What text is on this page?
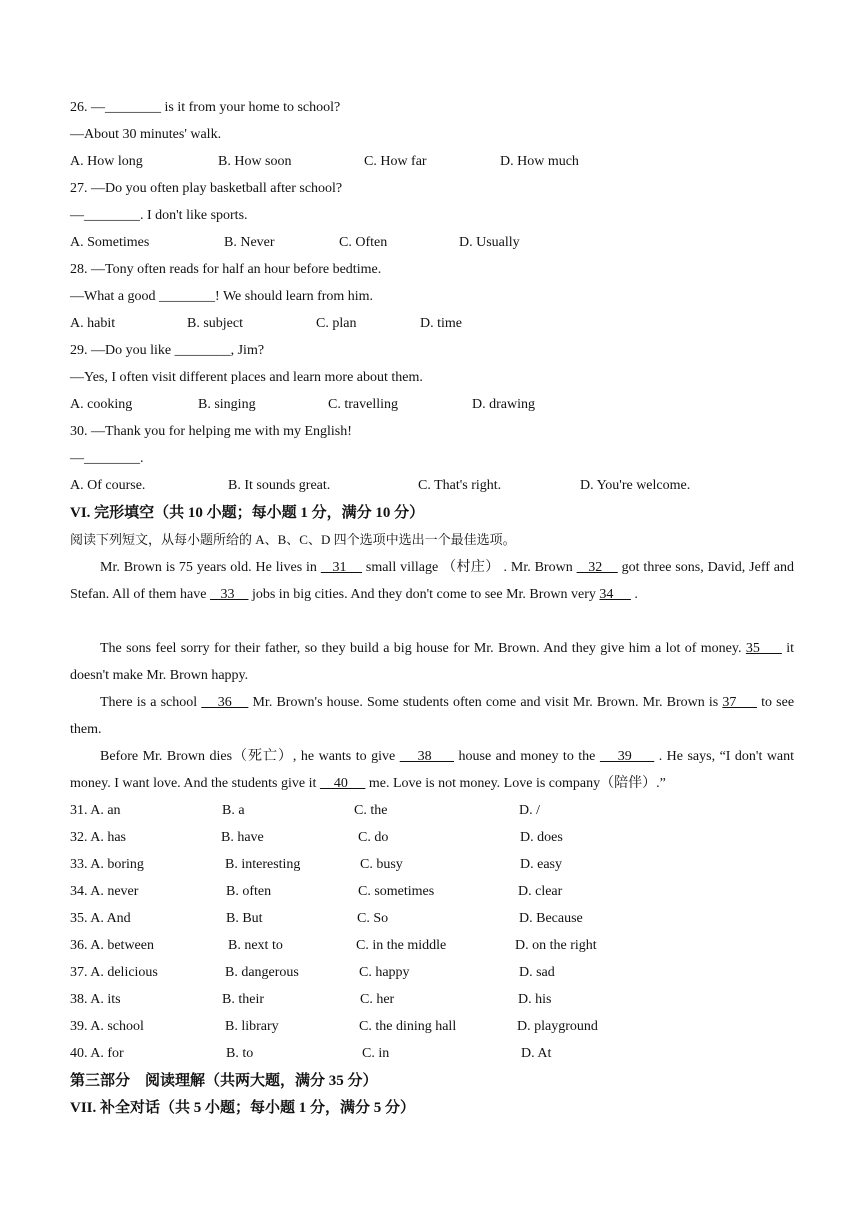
26. —________ is it from your home to school?
—About 30 minutes' walk.
A. How long	B. How soon	C. How far	D. How much
27. —Do you often play basketball after school?
—________. I don't like sports.
A. Sometimes	B. Never	C. Often	D. Usually
28. —Tony often reads for half an hour before bedtime.
—What a good ________! We should learn from him.
A. habit	B. subject	C. plan	D. time
29. —Do you like ________, Jim?
—Yes, I often visit different places and learn more about them.
A. cooking	B. singing	C. travelling	D. drawing
30. —Thank you for helping me with my English!
—________.
A. Of course.	B. It sounds great.	C. That's right.	D. You're welcome.
VI. 完形填空（共 10 小题；每小题 1 分，满分 10 分）
阅读下列短文，从每小题所给的 A、B、C、D 四个选项中选出一个最佳选项。
Mr. Brown is 75 years old. He lives in    31     small village （村庄） . Mr. Brown    32     got three sons, David, Jeff and Stefan. All of them have    33     jobs in big cities. And they don't come to see Mr. Brown very 34      .
The sons feel sorry for their father, so they build a big house for Mr. Brown. And they give him a lot of money. 35      it doesn't make Mr. Brown happy.
There is a school     36     Mr. Brown's house. Some students often come and visit Mr. Brown. Mr. Brown is 37      to see them.
Before Mr. Brown dies（死亡）, he wants to give     38      house and money to the     39      . He says, “I don't want money. I want love. And the students give it     40      me. Love is not money. Love is company（陪伴）.”
31. A. an	B. a	C. the	D. /
32. A. has	B. have	C. do	D. does
33. A. boring	B. interesting	C. busy	D. easy
34. A. never	B. often	C. sometimes	D. clear
35. A. And	B. But	C. So	D. Because
36. A. between	B. next to	C. in the middle	D. on the right
37. A. delicious	B. dangerous	C. happy	D. sad
38. A. its	B. their	C. her	D. his
39. A. school	B. library	C. the dining hall	D. playground
40. A. for	B. to	C. in	D. At
第三部分　阅读理解（共两大题，满分 35 分）
VII. 补全对话（共 5 小题；每小题 1 分，满分 5 分）
